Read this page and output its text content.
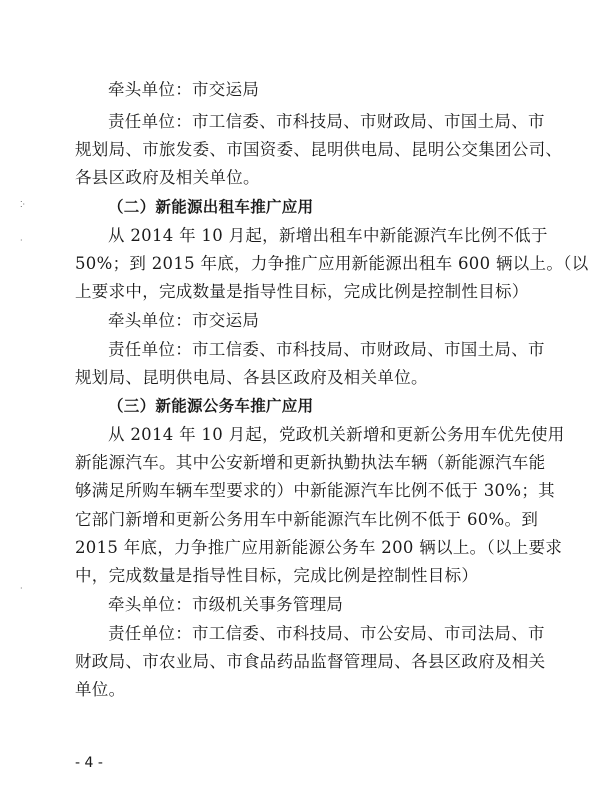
⁚·
·
·
牵头单位：市交运局
责任单位：市工信委、市科技局、市财政局、市国土局、市
规划局、市旅发委、市国资委、昆明供电局、昆明公交集团公司、
各县区政府及相关单位。
（二）新能源出租车推广应用
从 2014 年 10 月起，新增出租车中新能源汽车比例不低于
50%；到 2015 年底，力争推广应用新能源出租车 600 辆以上。（以
上要求中，完成数量是指导性目标，完成比例是控制性目标）
牵头单位：市交运局
责任单位：市工信委、市科技局、市财政局、市国土局、市
规划局、昆明供电局、各县区政府及相关单位。
（三）新能源公务车推广应用
从 2014 年 10 月起，党政机关新增和更新公务用车优先使用
新能源汽车。其中公安新增和更新执勤执法车辆（新能源汽车能
够满足所购车辆车型要求的）中新能源汽车比例不低于 30%；其
它部门新增和更新公务用车中新能源汽车比例不低于 60%。到
2015 年底，力争推广应用新能源公务车 200 辆以上。（以上要求
中，完成数量是指导性目标，完成比例是控制性目标）
牵头单位：市级机关事务管理局
责任单位：市工信委、市科技局、市公安局、市司法局、市
财政局、市农业局、市食品药品监督管理局、各县区政府及相关
单位。
- 4 -
